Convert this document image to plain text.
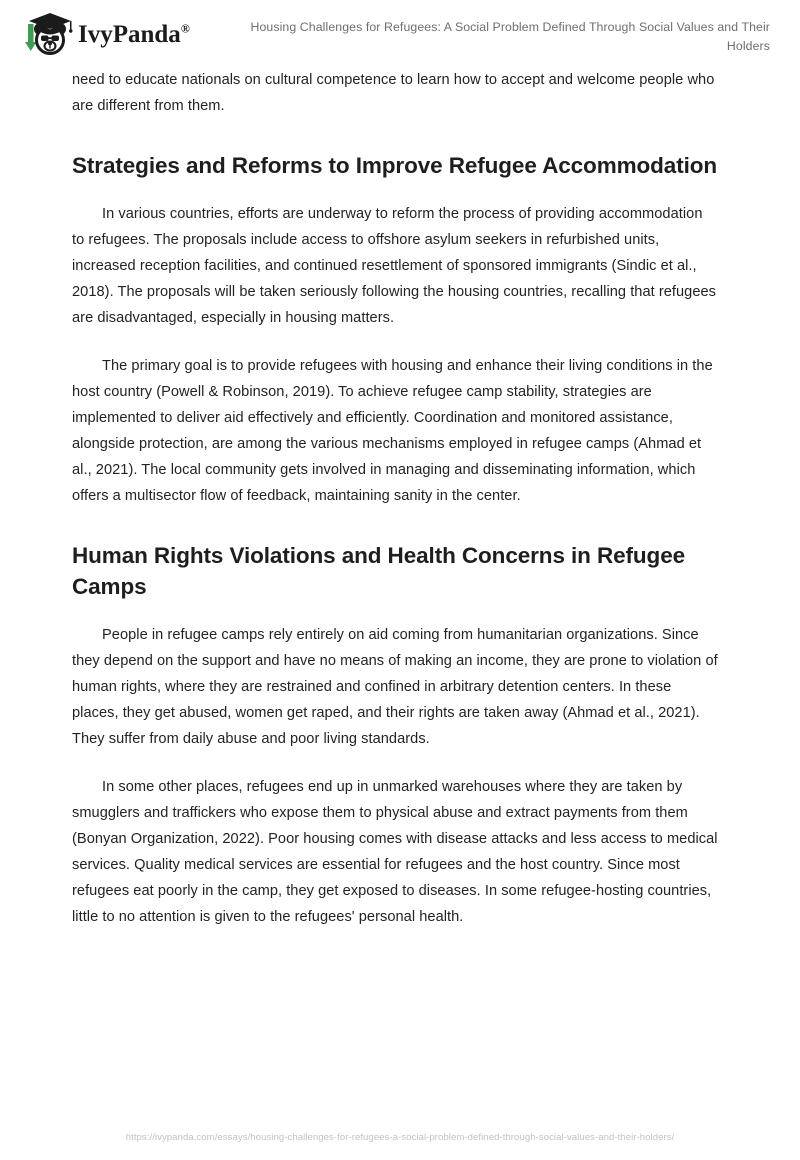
IvyPanda®	Housing Challenges for Refugees: A Social Problem Defined Through Social Values and Their Holders

need to educate nationals on cultural competence to learn how to accept and welcome people who are different from them.

Strategies and Reforms to Improve Refugee Accommodation

In various countries, efforts are underway to reform the process of providing accommodation to refugees. The proposals include access to offshore asylum seekers in refurbished units, increased reception facilities, and continued resettlement of sponsored immigrants (Sindic et al., 2018). The proposals will be taken seriously following the housing countries, recalling that refugees are disadvantaged, especially in housing matters.

The primary goal is to provide refugees with housing and enhance their living conditions in the host country (Powell & Robinson, 2019). To achieve refugee camp stability, strategies are implemented to deliver aid effectively and efficiently. Coordination and monitored assistance, alongside protection, are among the various mechanisms employed in refugee camps (Ahmad et al., 2021). The local community gets involved in managing and disseminating information, which offers a multisector flow of feedback, maintaining sanity in the center.

Human Rights Violations and Health Concerns in Refugee Camps

People in refugee camps rely entirely on aid coming from humanitarian organizations. Since they depend on the support and have no means of making an income, they are prone to violation of human rights, where they are restrained and confined in arbitrary detention centers. In these places, they get abused, women get raped, and their rights are taken away (Ahmad et al., 2021). They suffer from daily abuse and poor living standards.

In some other places, refugees end up in unmarked warehouses where they are taken by smugglers and traffickers who expose them to physical abuse and extract payments from them (Bonyan Organization, 2022). Poor housing comes with disease attacks and less access to medical services. Quality medical services are essential for refugees and the host country. Since most refugees eat poorly in the camp, they get exposed to diseases. In some refugee-hosting countries, little to no attention is given to the refugees' personal health.

https://ivypanda.com/essays/housing-challenges-for-refugees-a-social-problem-defined-through-social-values-and-their-holders/
